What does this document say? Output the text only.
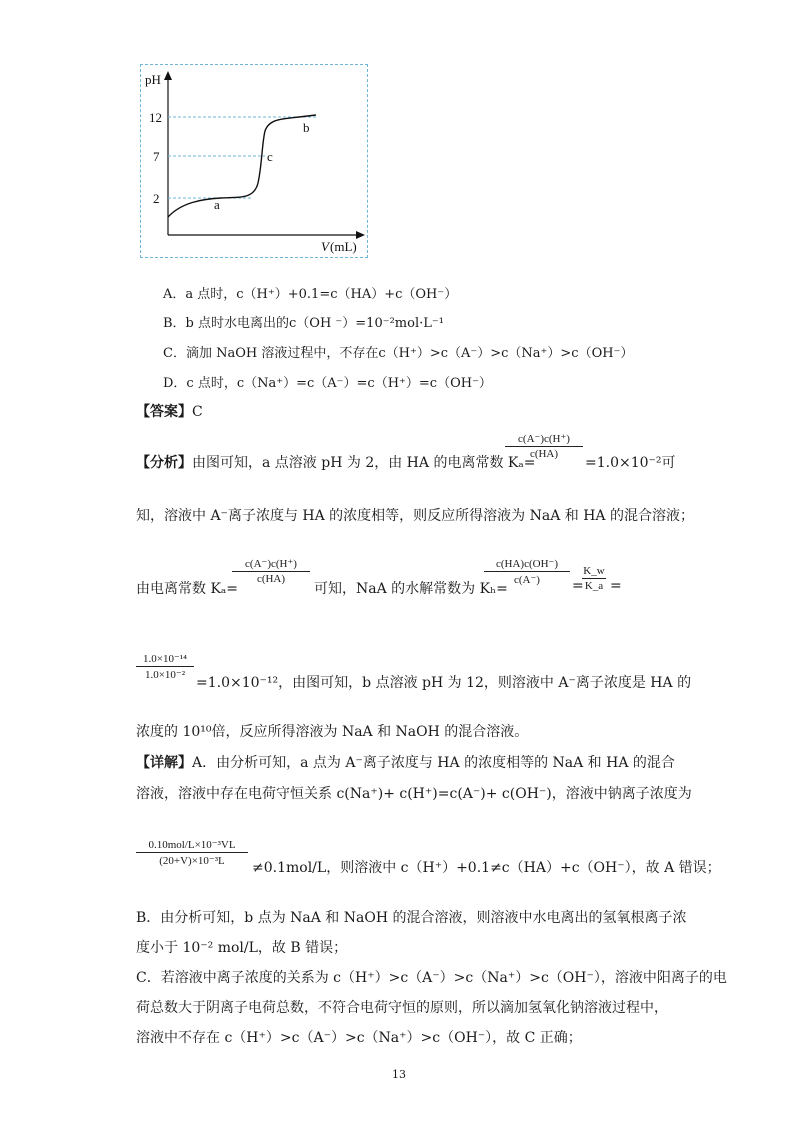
pH
12
7
2	a
b
c
V (mL)
A．a 点时，c（H⁺）+0.1=c（HA）+c（OH⁻）
B．b 点时水电离出的c（OH ⁻）=10⁻²mol·L⁻¹
C．滴加 NaOH 溶液过程中，不存在c（H⁺）>c（A⁻）>c（Na⁺）>c（OH⁻）
D．c 点时，c（Na⁺）=c（A⁻）=c（H⁺）=c（OH⁻）
【答案】C
【分析】由图可知，a 点溶液 pH 为 2，由 HA 的电离常数 Kₐ=
c(A⁻)c(H⁺)
c(HA)
=1.0×10⁻²可
知，溶液中 A⁻离子浓度与 HA 的浓度相等，则反应所得溶液为 NaA 和 HA 的混合溶液；
由电离常数 Kₐ=
c(A⁻)c(H⁺)
c(HA)
可知，NaA 的水解常数为 Kₕ=
c(HA)c(OH⁻)
c(A⁻)	=
K_w
K_a =
1.0×10⁻¹⁴
1.0×10⁻² =1.0×10⁻¹²，由图可知，b 点溶液 pH 为 12，则溶液中 A⁻离子浓度是 HA 的
浓度的 10¹⁰倍，反应所得溶液为 NaA 和 NaOH 的混合溶液。
【详解】A．由分析可知，a 点为 A⁻离子浓度与 HA 的浓度相等的 NaA 和 HA 的混合
溶液，溶液中存在电荷守恒关系 c(Na⁺)+ c(H⁺)=c(A⁻)+ c(OH⁻)，溶液中钠离子浓度为
0.10mol/L×10⁻³VL
(20+V)×10⁻³L	≠0.1mol/L，则溶液中 c（H⁺）+0.1≠c（HA）+c（OH⁻），故 A 错误；
B．由分析可知，b 点为 NaA 和 NaOH 的混合溶液，则溶液中水电离出的氢氧根离子浓
度小于 10⁻² mol/L，故 B 错误；
C．若溶液中离子浓度的关系为 c（H⁺）>c（A⁻）>c（Na⁺）>c（OH⁻），溶液中阳离子的电
荷总数大于阴离子电荷总数，不符合电荷守恒的原则，所以滴加氢氧化钠溶液过程中，
溶液中不存在 c（H⁺）>c（A⁻）>c（Na⁺）>c（OH⁻），故 C 正确；
13
